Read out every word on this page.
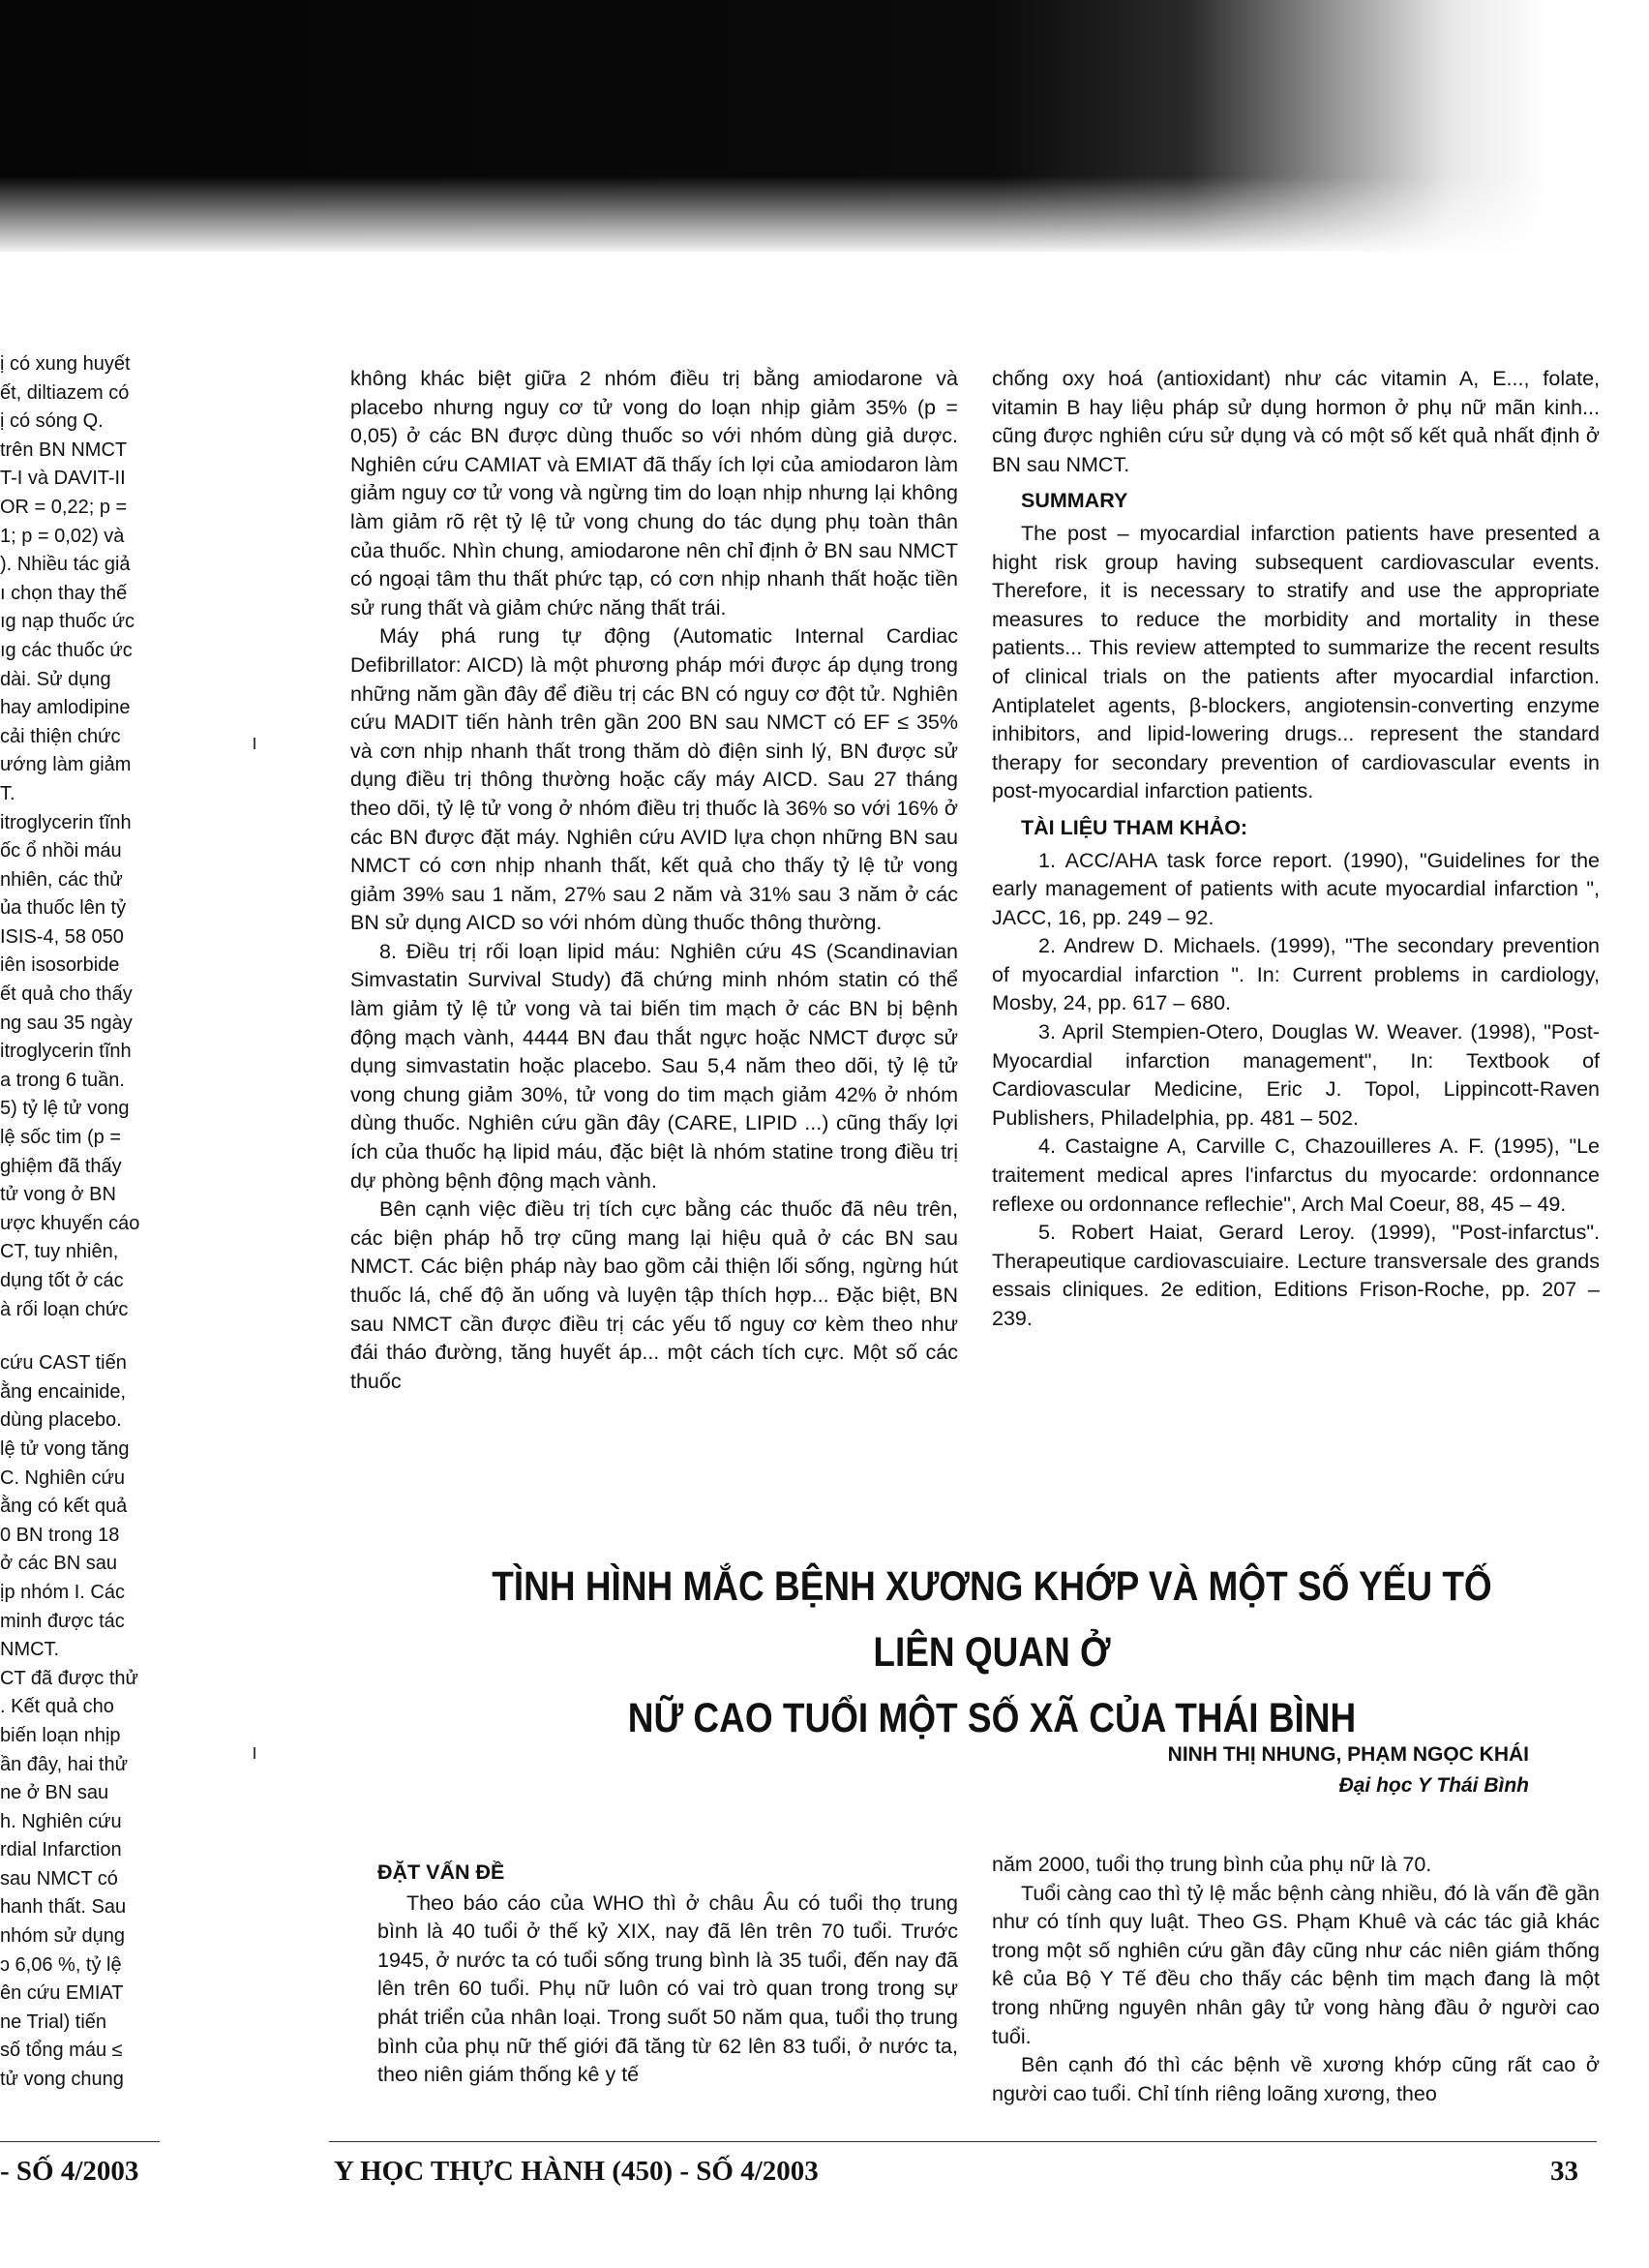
ị có xung huyết
ết, diltiazem có
ị có sóng Q.
trên BN NMCT
T-I và DAVIT-II
OR = 0,22; p =
1; p = 0,02) và
). Nhiều tác giả
ı chọn thay thế
ıg nạp thuốc ức
ıg các thuốc ức
dài. Sử dụng
hay amlodipine
cải thiện chức
ướng làm giảm
T.
itroglycerin tĩnh
ốc ổ nhồi máu
nhiên, các thử
ủa thuốc lên tỷ
ISIS-4, 58 050
iên isosorbide
ết quả cho thấy
ng sau 35 ngày
itroglycerin tĩnh
a trong 6 tuần.
5) tỷ lệ tử vong
lệ sốc tim (p =
ghiệm đã thấy
tử vong ở BN
ược khuyến cáo
CT, tuy nhiên,
dụng tốt ở các
à rối loạn chức
cứu CAST tiến
ằng encainide,
dùng placebo.
lệ tử vong tăng
C. Nghiên cứu
ằng có kết quả
0 BN trong 18
ở các BN sau
ịp nhóm I. Các
minh được tác
NMCT.
CT đã được thử
. Kết quả cho
biến loạn nhịp
ần đây, hai thử
ne ở BN sau
h. Nghiên cứu
rdial Infarction
sau NMCT có
hanh thất. Sau
nhóm sử dụng
ɔ 6,06 %, tỷ lệ
ên cứu EMIAT
ne Trial) tiến
số tổng máu ≤
tử vong chung

không khác biệt giữa 2 nhóm điều trị bằng amiodarone và placebo nhưng nguy cơ tử vong do loạn nhịp giảm 35% (p = 0,05) ở các BN được dùng thuốc so với nhóm dùng giả dược. Nghiên cứu CAMIAT và EMIAT đã thấy ích lợi của amiodaron làm giảm nguy cơ tử vong và ngừng tim do loạn nhịp nhưng lại không làm giảm rõ rệt tỷ lệ tử vong chung do tác dụng phụ toàn thân của thuốc. Nhìn chung, amiodarone nên chỉ định ở BN sau NMCT có ngoại tâm thu thất phức tạp, có cơn nhịp nhanh thất hoặc tiền sử rung thất và giảm chức năng thất trái.

Máy phá rung tự động (Automatic Internal Cardiac Defibrillator: AICD) là một phương pháp mới được áp dụng trong những năm gần đây để điều trị các BN có nguy cơ đột tử. Nghiên cứu MADIT tiến hành trên gần 200 BN sau NMCT có EF ≤ 35% và cơn nhịp nhanh thất trong thăm dò điện sinh lý, BN được sử dụng điều trị thông thường hoặc cấy máy AICD. Sau 27 tháng theo dõi, tỷ lệ tử vong ở nhóm điều trị thuốc là 36% so với 16% ở các BN được đặt máy. Nghiên cứu AVID lựa chọn những BN sau NMCT có cơn nhịp nhanh thất, kết quả cho thấy tỷ lệ tử vong giảm 39% sau 1 năm, 27% sau 2 năm và 31% sau 3 năm ở các BN sử dụng AICD so với nhóm dùng thuốc thông thường.

8. Điều trị rối loạn lipid máu: Nghiên cứu 4S (Scandinavian Simvastatin Survival Study) đã chứng minh nhóm statin có thể làm giảm tỷ lệ tử vong và tai biến tim mạch ở các BN bị bệnh động mạch vành, 4444 BN đau thắt ngực hoặc NMCT được sử dụng simvastatin hoặc placebo. Sau 5,4 năm theo dõi, tỷ lệ tử vong chung giảm 30%, tử vong do tim mạch giảm 42% ở nhóm dùng thuốc. Nghiên cứu gần đây (CARE, LIPID ...) cũng thấy lợi ích của thuốc hạ lipid máu, đặc biệt là nhóm statine trong điều trị dự phòng bệnh động mạch vành.

Bên cạnh việc điều trị tích cực bằng các thuốc đã nêu trên, các biện pháp hỗ trợ cũng mang lại hiệu quả ở các BN sau NMCT. Các biện pháp này bao gồm cải thiện lối sống, ngừng hút thuốc lá, chế độ ăn uống và luyện tập thích hợp... Đặc biệt, BN sau NMCT cần được điều trị các yếu tố nguy cơ kèm theo như đái tháo đường, tăng huyết áp... một cách tích cực. Một số các thuốc

chống oxy hoá (antioxidant) như các vitamin A, E..., folate, vitamin B hay liệu pháp sử dụng hormon ở phụ nữ mãn kinh... cũng được nghiên cứu sử dụng và có một số kết quả nhất định ở BN sau NMCT.

SUMMARY

The post – myocardial infarction patients have presented a hight risk group having subsequent cardiovascular events. Therefore, it is necessary to stratify and use the appropriate measures to reduce the morbidity and mortality in these patients... This review attempted to summarize the recent results of clinical trials on the patients after myocardial infarction. Antiplatelet agents, β-blockers, angiotensin-converting enzyme inhibitors, and lipid-lowering drugs... represent the standard therapy for secondary prevention of cardiovascular events in post-myocardial infarction patients.

TÀI LIỆU THAM KHẢO:

1. ACC/AHA task force report. (1990), "Guidelines for the early management of patients with acute myocardial infarction ", JACC, 16, pp. 249 – 92.

2. Andrew D. Michaels. (1999), "The secondary prevention of myocardial infarction ". In: Current problems in cardiology, Mosby, 24, pp. 617 – 680.

3. April Stempien-Otero, Douglas W. Weaver. (1998), "Post-Myocardial infarction management", In: Textbook of Cardiovascular Medicine, Eric J. Topol, Lippincott-Raven Publishers, Philadelphia, pp. 481 – 502.

4. Castaigne A, Carville C, Chazouilleres A. F. (1995), "Le traitement medical apres l'infarctus du myocarde: ordonnance reflexe ou ordonnance reflechie", Arch Mal Coeur, 88, 45 – 49.

5. Robert Haiat, Gerard Leroy. (1999), "Post-infarctus". Therapeutique cardiovascuiaire. Lecture transversale des grands essais cliniques. 2e edition, Editions Frison-Roche, pp. 207 – 239.

TÌNH HÌNH MẮC BỆNH XƯƠNG KHỚP VÀ MỘT SỐ YẾU TỐ LIÊN QUAN Ở
NỮ CAO TUỔI MỘT SỐ XÃ CỦA THÁI BÌNH
NINH THỊ NHUNG, PHẠM NGỌC KHÁI
Đại học Y Thái Bình
ĐẶT VẤN ĐỀ

Theo báo cáo của WHO thì ở châu Âu có tuổi thọ trung bình là 40 tuổi ở thế kỷ XIX, nay đã lên trên 70 tuổi. Trước 1945, ở nước ta có tuổi sống trung bình là 35 tuổi, đến nay đã lên trên 60 tuổi. Phụ nữ luôn có vai trò quan trong trong sự phát triển của nhân loại. Trong suốt 50 năm qua, tuổi thọ trung bình của phụ nữ thế giới đã tăng từ 62 lên 83 tuổi, ở nước ta, theo niên giám thống kê y tế

năm 2000, tuổi thọ trung bình của phụ nữ là 70.

Tuổi càng cao thì tỷ lệ mắc bệnh càng nhiều, đó là vấn đề gần như có tính quy luật. Theo GS. Phạm Khuê và các tác giả khác trong một số nghiên cứu gần đây cũng như các niên giám thống kê của Bộ Y Tế đều cho thấy các bệnh tim mạch đang là một trong những nguyên nhân gây tử vong hàng đầu ở người cao tuổi.

Bên cạnh đó thì các bệnh về xương khớp cũng rất cao ở người cao tuổi. Chỉ tính riêng loãng xương, theo

- SỐ 4/2003	Y HỌC THỰC HÀNH (450) - SỐ 4/2003	33
